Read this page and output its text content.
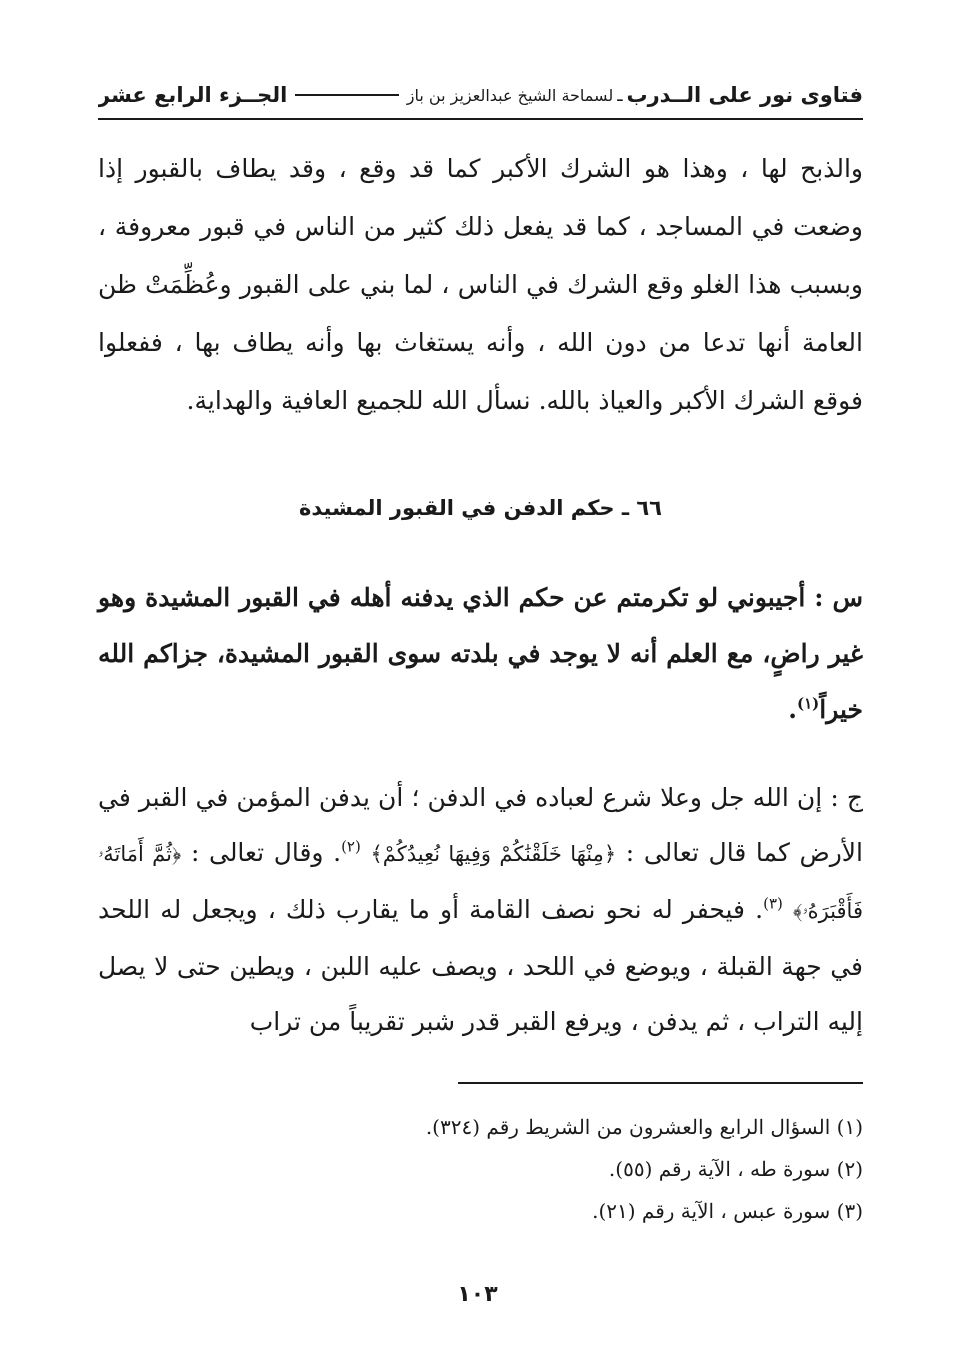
فتاوى نور على الــدرب
ـ
لسماحة الشيخ عبدالعزيز بن باز
الجــزء الرابع عشر

والذبح لها ، وهذا هو الشرك الأكبر كما قد وقع ، وقد يطاف بالقبور إذا وضعت في المساجد ، كما قد يفعل ذلك كثير من الناس في قبور معروفة ، وبسبب هذا الغلو وقع الشرك في الناس ، لما بني على القبور وعُظِّمَتْ ظن العامة أنها تدعا من دون الله ، وأنه يستغاث بها وأنه يطاف بها ، ففعلوا فوقع الشرك الأكبر والعياذ بالله. نسأل الله للجميع العافية والهداية.

٦٦ ـ حكم الدفن في القبور المشيدة

س : أجيبوني لو تكرمتم عن حكم الذي يدفنه أهله في القبور المشيدة وهو غير راضٍ، مع العلم أنه لا يوجد في بلدته سوى القبور المشيدة، جزاكم الله خيراً$^{(١)}$.

ج : إن الله جل وعلا شرع لعباده في الدفن ؛ أن يدفن المؤمن في القبر في الأرض كما قال تعالى : ﴿مِنْهَا خَلَقْنَٰكُمْ وَفِيهَا نُعِيدُكُمْ﴾ $^{(٢)}$. وقال تعالى : ﴿ثُمَّ أَمَاتَهُۥ فَأَقْبَرَهُۥ﴾ $^{(٣)}$. فيحفر له نحو نصف القامة أو ما يقارب ذلك ، ويجعل له اللحد في جهة القبلة ، ويوضع في اللحد ، ويصف عليه اللبن ، ويطين حتى لا يصل إليه التراب ، ثم يدفن ، ويرفع القبر قدر شبر تقريباً من تراب

(١) السؤال الرابع والعشرون من الشريط رقم (٣٢٤).
(٢) سورة طه ، الآية رقم (٥٥).
(٣) سورة عبس ، الآية رقم (٢١).
١٠٣
